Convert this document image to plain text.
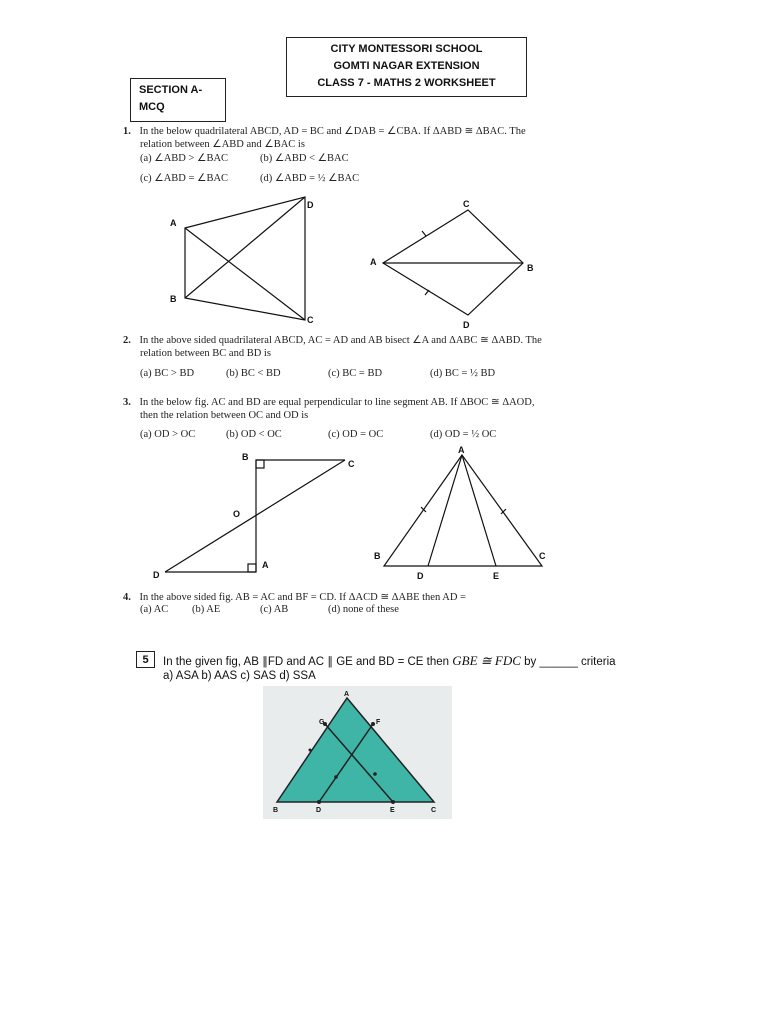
CITY MONTESSORI SCHOOL
GOMTI NAGAR EXTENSION
CLASS 7 - MATHS 2 WORKSHEET
SECTION A-
MCQ
1. In the below quadrilateral ABCD, AD = BC and ∠DAB = ∠CBA. If ΔABD ≅ ΔBAC. The
relation between ∠ABD and ∠BAC is
(a) ∠ABD > ∠BAC	(b) ∠ABD < ∠BAC
(c) ∠ABD = ∠BAC	(d) ∠ABD = ½ ∠BAC
A
B
C
D
A
B
C
D
2. In the above sided quadrilateral ABCD, AC = AD and AB bisect ∠A and ΔABC ≅ ΔABD. The
relation between BC and BD is
(a) BC > BD	(b) BC < BD	(c) BC = BD	(d) BC = ½ BD
3. In the below fig. AC and BD are equal perpendicular to line segment AB. If ΔBOC ≅ ΔAOD,
then the relation between OC and OD is
(a) OD > OC	(b) OD < OC	(c) OD = OC	(d) OD = ½ OC
B
C
O
A
D
A
B
D	E
C
4. In the above sided fig. AB = AC and BF = CD. If ΔACD ≅ ΔABE then AD =
(a) AC (b) AE	(c) AB	(d) none of these
5	In the given fig, AB ∥FD and AC ∥ GE and BD = CE then GBE ≅ FDC by ______ criteria
a) ASA b) AAS c) SAS d) SSA
A
G	F
B	D	E	C
